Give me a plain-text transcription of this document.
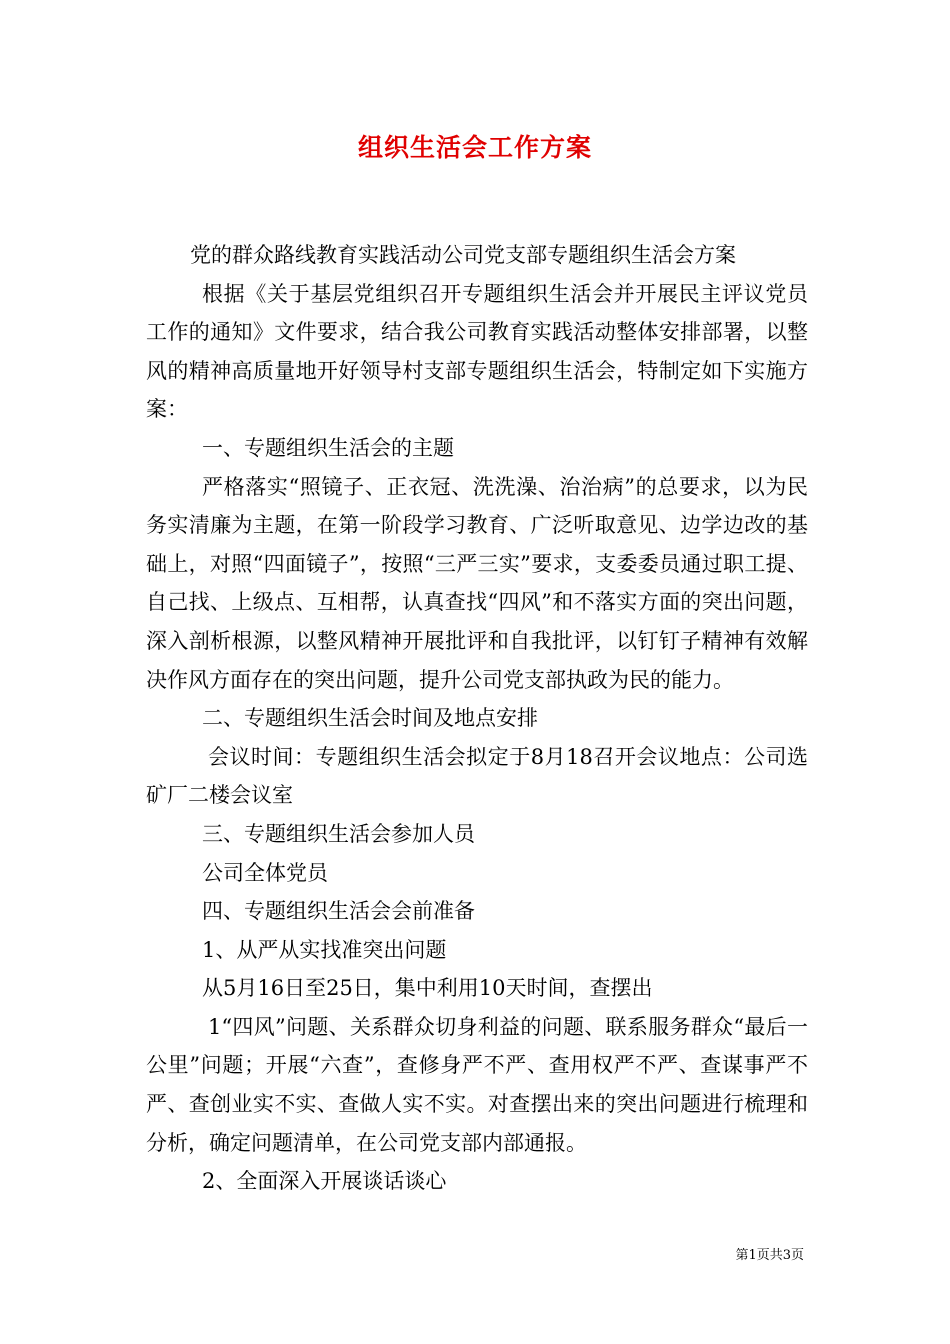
组织生活会工作方案

党的群众路线教育实践活动公司党支部专题组织生活会方案

根据《关于基层党组织召开专题组织生活会并开展民主评议党员工作的通知》文件要求，结合我公司教育实践活动整体安排部署，以整风的精神高质量地开好领导村支部专题组织生活会，特制定如下实施方案：

一、专题组织生活会的主题

严格落实“照镜子、正衣冠、洗洗澡、治治病”的总要求，以为民务实清廉为主题，在第一阶段学习教育、广泛听取意见、边学边改的基础上，对照“四面镜子”，按照“三严三实”要求，支委委员通过职工提、自己找、上级点、互相帮，认真查找“四风”和不落实方面的突出问题，深入剖析根源，以整风精神开展批评和自我批评，以钉钉子精神有效解决作风方面存在的突出问题，提升公司党支部执政为民的能力。

二、专题组织生活会时间及地点安排

会议时间：专题组织生活会拟定于8月18召开会议地点：公司选矿厂二楼会议室

三、专题组织生活会参加人员

公司全体党员

四、专题组织生活会会前准备

1、从严从实找准突出问题

从5月16日至25日，集中利用10天时间，查摆出

1“四风”问题、关系群众切身利益的问题、联系服务群众“最后一公里”问题；开展“六查”，查修身严不严、查用权严不严、查谋事严不严、查创业实不实、查做人实不实。对查摆出来的突出问题进行梳理和分析，确定问题清单，在公司党支部内部通报。

2、全面深入开展谈话谈心

第1页共3页
